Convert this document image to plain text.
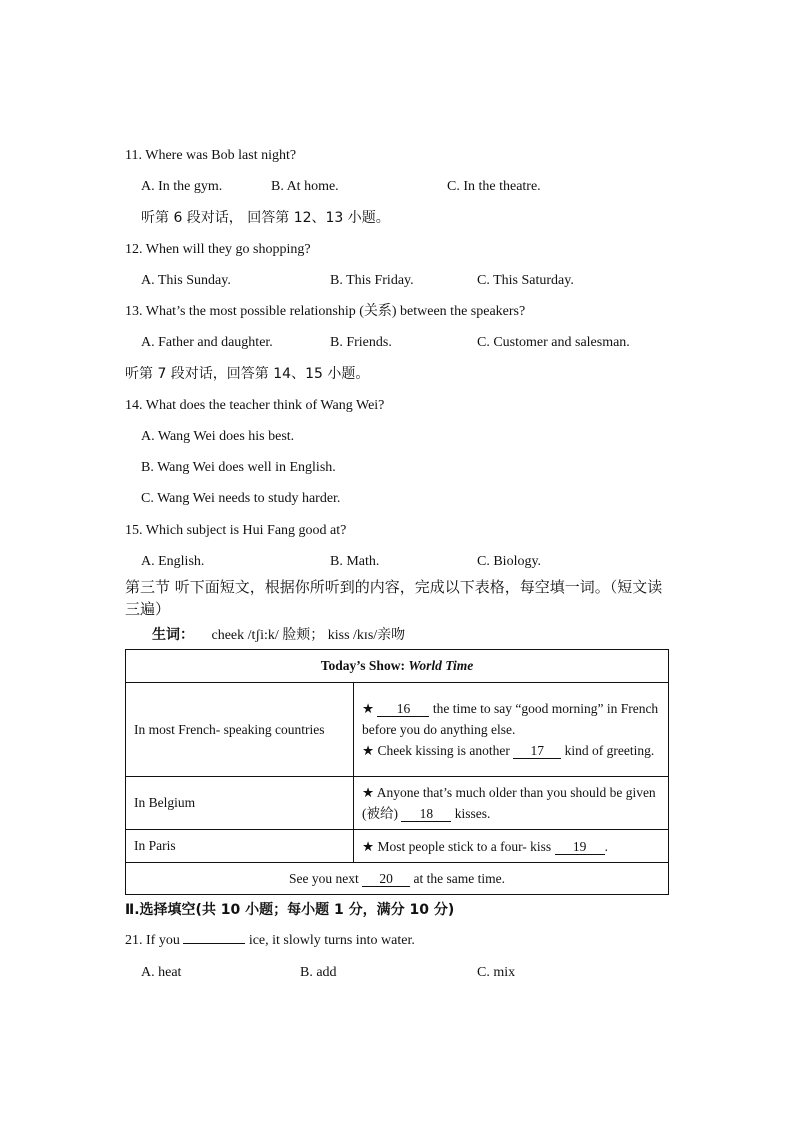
11. Where was Bob last night?
A. In the gym.	B. At home.	C. In the theatre.
听第 6 段对话， 回答第 12、13 小题。
12. When will they go shopping?
A. This Sunday.	B. This Friday.	C. This Saturday.
13. What’s the most possible relationship (关系) between the speakers?
A. Father and daughter.	B. Friends.	C. Customer and salesman.
听第 7 段对话，回答第 14、15 小题。
14. What does the teacher think of Wang Wei?
A. Wang Wei does his best.
B. Wang Wei does well in English.
C. Wang Wei needs to study harder.
15. Which subject is Hui Fang good at?
A. English.	B. Math.	C. Biology.
第三节 听下面短文，根据你所听到的内容，完成以下表格，每空填一词。（短文读三遍）
生词： cheek /tʃi:k/ 脸颊； kiss /kɪs/亲吻
Today’s Show: World Time	
In most French- speaking countries	★ 16 the time to say “good morning” in French before you do anything else.
★ Cheek kissing is another 17 kind of greeting.
In Belgium	★ Anyone that’s much older than you should be given (被给) 18 kisses.
In Paris	★ Most people stick to a four- kiss 19 .
See you next 20 at the same time.	
Ⅱ.选择填空(共 10 小题；每小题 1 分，满分 10 分)
21. If you	ice, it slowly turns into water.
A. heat	B. add	C. mix
